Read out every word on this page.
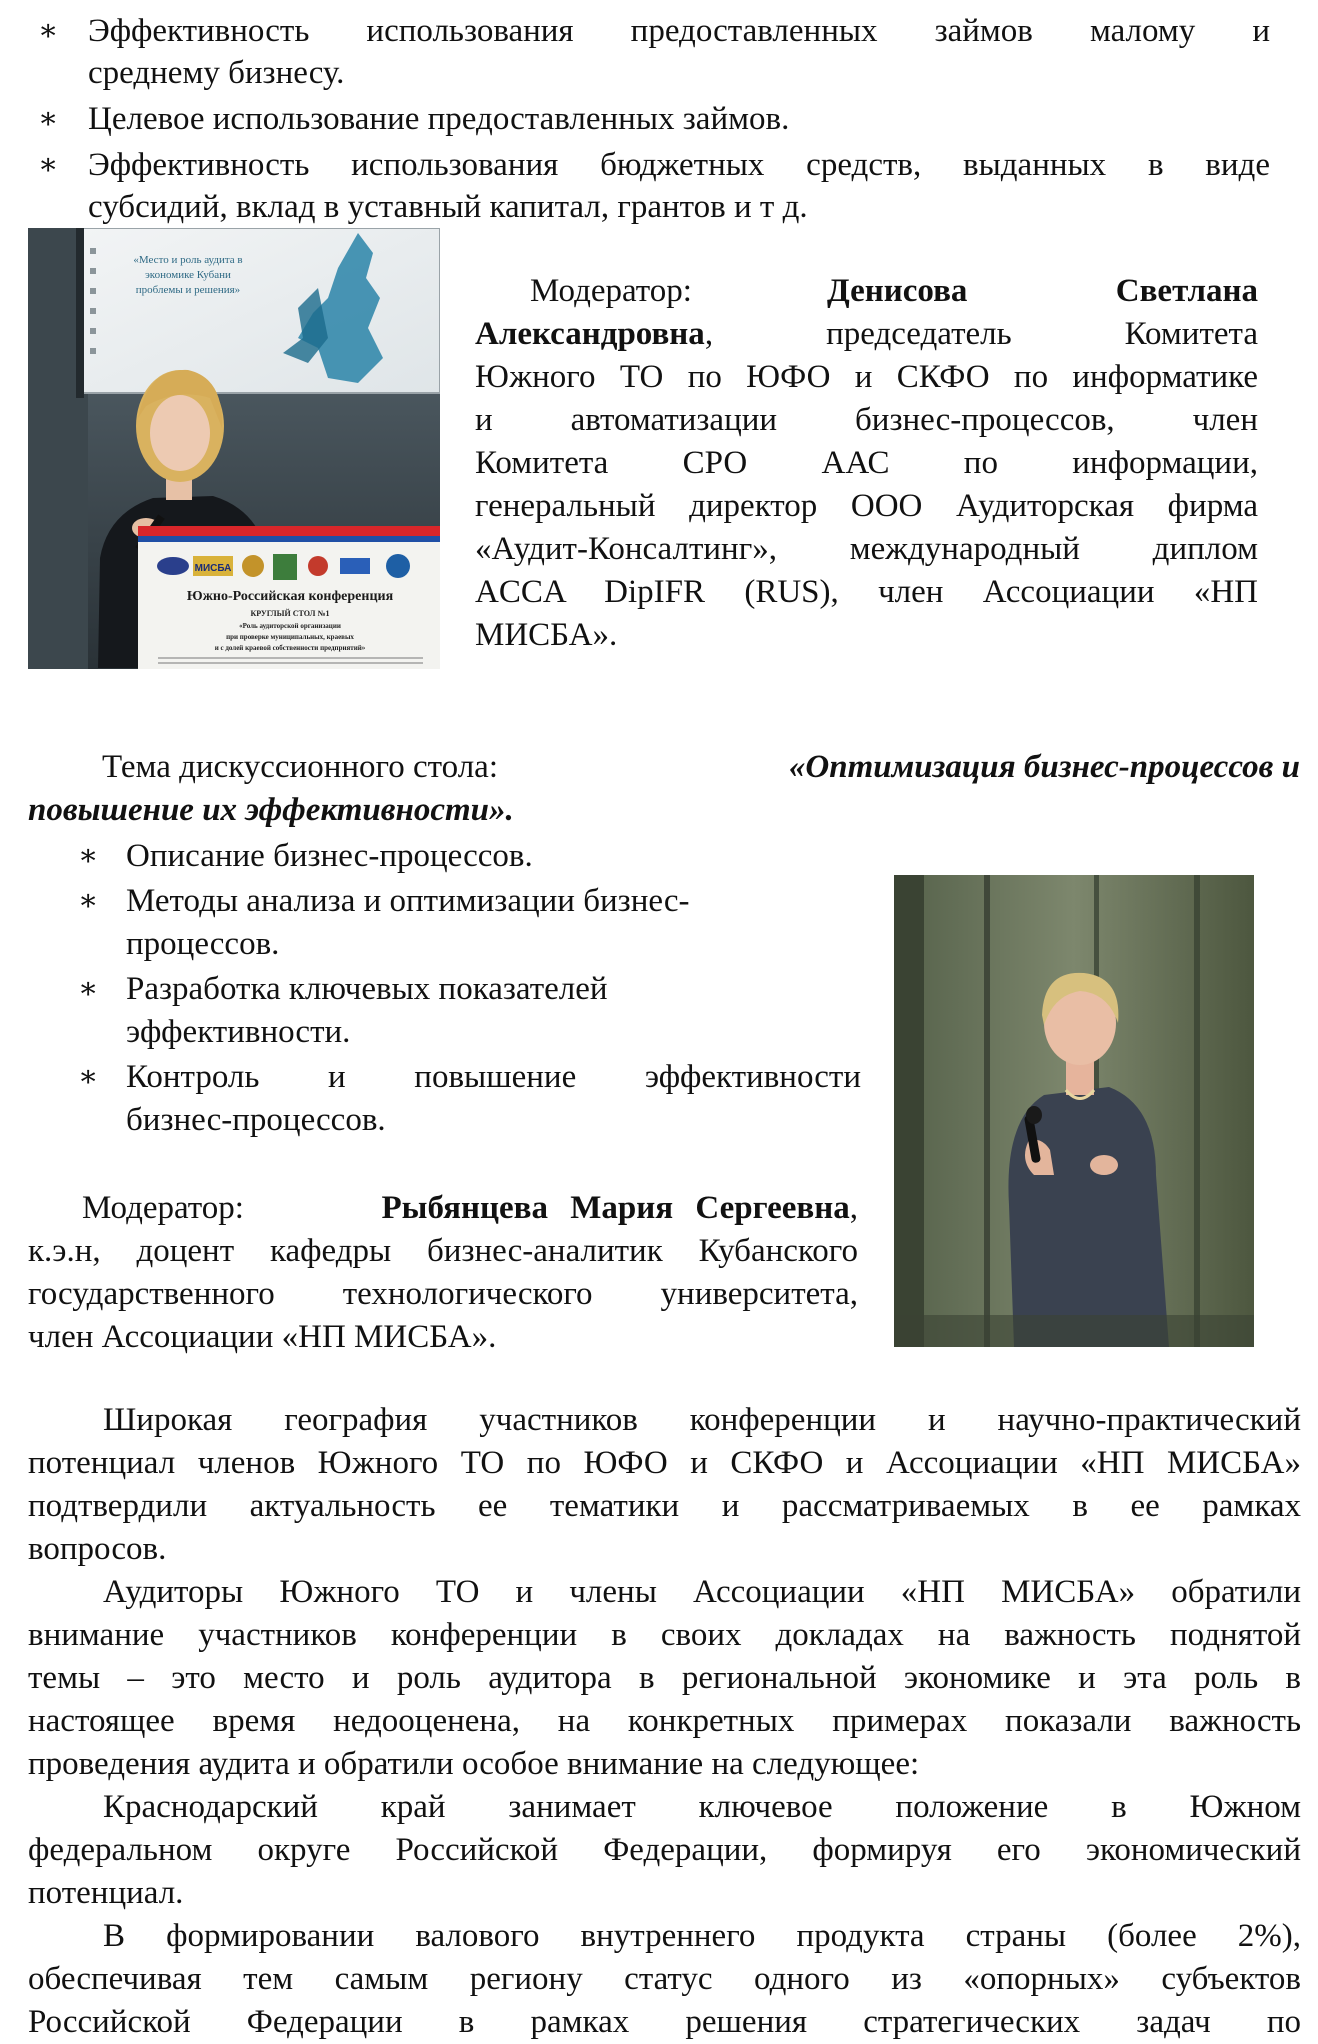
∗ Эффективность использования предоставленных займов малому и
среднему бизнесу.
∗ Целевое использование предоставленных займов.
∗ Эффективность использования бюджетных средств, выданных в виде
субсидий, вклад в уставный капитал, грантов и т д.
«Место и роль аудита в
экономике Кубани
проблемы и решения»
МИСБА
Южно-Российская конференция
КРУГЛЫЙ СТОЛ №1
«Роль аудиторской организации
при проверке муниципальных, краевых
и с долей краевой собственности предприятий»
Модератор:	Денисова	Светлана
Александровна, председатель Комитета
Южного ТО по ЮФО и СКФО по информатике
и автоматизации бизнес-процессов, член
Комитета СРО ААС по информации,
генеральный директор ООО Аудиторская фирма
«Аудит-Консалтинг», международный диплом
ACCA DipIFR (RUS), член Ассоциации «НП
МИСБА».
Тема дискуссионного стола:	«Оптимизация бизнес-процессов и
повышение их эффективности».
∗ Описание бизнес-процессов.
∗ Методы анализа и оптимизации бизнес-
процессов.
∗ Разработка ключевых показателей
эффективности.
∗ Контроль и повышение эффективности
бизнес-процессов.
Модератор:	Рыбянцева Мария Сергеевна,
к.э.н, доцент кафедры бизнес-аналитик Кубанского
государственного технологического университета,
член Ассоциации «НП МИСБА».
Широкая география участников конференции и научно-практический
потенциал членов Южного ТО по ЮФО и СКФО и Ассоциации «НП МИСБА»
подтвердили актуальность ее тематики и рассматриваемых в ее рамках
вопросов.
Аудиторы Южного ТО и члены Ассоциации «НП МИСБА» обратили
внимание участников конференции в своих докладах на важность поднятой
темы – это место и роль аудитора в региональной экономике и эта роль в
настоящее время недооценена, на конкретных примерах показали важность
проведения аудита и обратили особое внимание на следующее:
Краснодарский край занимает ключевое положение в Южном
федеральном округе Российской Федерации, формируя его экономический
потенциал.
В формировании валового внутреннего продукта страны (более 2%),
обеспечивая тем самым региону статус одного из «опорных» субъектов
Российской Федерации в рамках решения стратегических задач по
